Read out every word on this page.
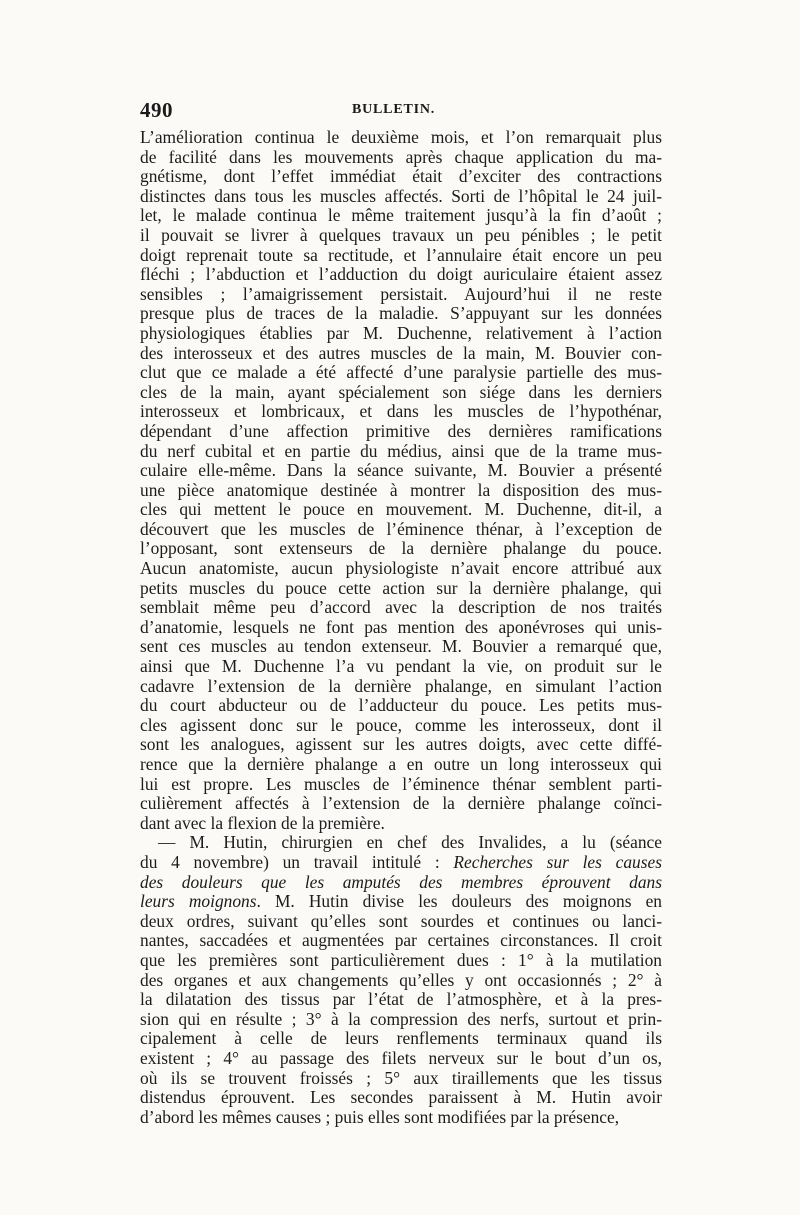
490	BULLETIN.
L’amélioration continua le deuxième mois, et l’on remarquait plus
de facilité dans les mouvements après chaque application du ma-
gnétisme, dont l’effet immédiat était d’exciter des contractions
distinctes dans tous les muscles affectés. Sorti de l’hôpital le 24 juil-
let, le malade continua le même traitement jusqu’à la fin d’août ;
il pouvait se livrer à quelques travaux un peu pénibles ; le petit
doigt reprenait toute sa rectitude, et l’annulaire était encore un peu
fléchi ; l’abduction et l’adduction du doigt auriculaire étaient assez
sensibles ; l’amaigrissement persistait. Aujourd’hui il ne reste
presque plus de traces de la maladie. S’appuyant sur les données
physiologiques établies par M. Duchenne, relativement à l’action
des interosseux et des autres muscles de la main, M. Bouvier con-
clut que ce malade a été affecté d’une paralysie partielle des mus-
cles de la main, ayant spécialement son siége dans les derniers
interosseux et lombricaux, et dans les muscles de l’hypothénar,
dépendant d’une affection primitive des dernières ramifications
du nerf cubital et en partie du médius, ainsi que de la trame mus-
culaire elle-même. Dans la séance suivante, M. Bouvier a présenté
une pièce anatomique destinée à montrer la disposition des mus-
cles qui mettent le pouce en mouvement. M. Duchenne, dit-il, a
découvert que les muscles de l’éminence thénar, à l’exception de
l’opposant, sont extenseurs de la dernière phalange du pouce.
Aucun anatomiste, aucun physiologiste n’avait encore attribué aux
petits muscles du pouce cette action sur la dernière phalange, qui
semblait même peu d’accord avec la description de nos traités
d’anatomie, lesquels ne font pas mention des aponévroses qui unis-
sent ces muscles au tendon extenseur. M. Bouvier a remarqué que,
ainsi que M. Duchenne l’a vu pendant la vie, on produit sur le
cadavre l’extension de la dernière phalange, en simulant l’action
du court abducteur ou de l’adducteur du pouce. Les petits mus-
cles agissent donc sur le pouce, comme les interosseux, dont il
sont les analogues, agissent sur les autres doigts, avec cette diffé-
rence que la dernière phalange a en outre un long interosseux qui
lui est propre. Les muscles de l’éminence thénar semblent parti-
culièrement affectés à l’extension de la dernière phalange coïnci-
dant avec la flexion de la première.
— M. Hutin, chirurgien en chef des Invalides, a lu (séance
du 4 novembre) un travail intitulé : Recherches sur les causes
des douleurs que les amputés des membres éprouvent dans
leurs moignons. M. Hutin divise les douleurs des moignons en
deux ordres, suivant qu’elles sont sourdes et continues ou lanci-
nantes, saccadées et augmentées par certaines circonstances. Il croit
que les premières sont particulièrement dues : 1° à la mutilation
des organes et aux changements qu’elles y ont occasionnés ; 2° à
la dilatation des tissus par l’état de l’atmosphère, et à la pres-
sion qui en résulte ; 3° à la compression des nerfs, surtout et prin-
cipalement à celle de leurs renflements terminaux quand ils
existent ; 4° au passage des filets nerveux sur le bout d’un os,
où ils se trouvent froissés ; 5° aux tiraillements que les tissus
distendus éprouvent. Les secondes paraissent à M. Hutin avoir
d’abord les mêmes causes ; puis elles sont modifiées par la présence,
